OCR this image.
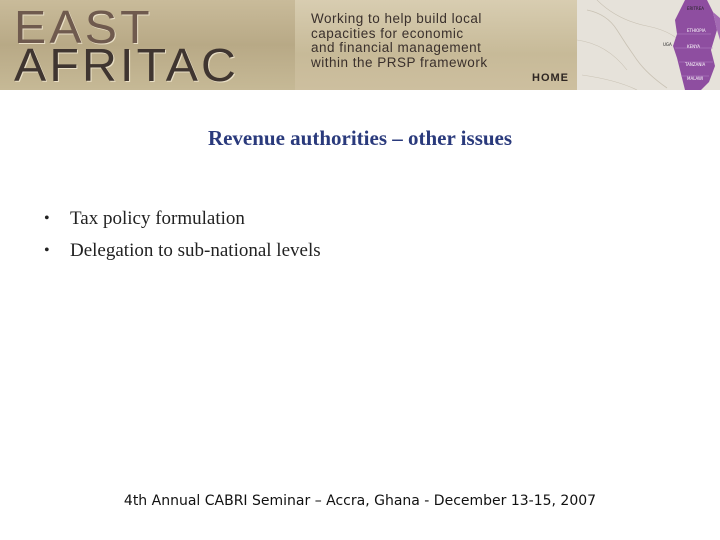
EAST
AFRITAC
Working to help build local
capacities for economic
and financial management
within the PRSP framework
HOME
ERITREA
ETHIOPIA
UGA	KENYA
TANZANIA
MALAWI
Revenue authorities – other issues
• Tax policy formulation
• Delegation to sub-national levels
4th Annual CABRI Seminar – Accra, Ghana - December 13-15, 2007
